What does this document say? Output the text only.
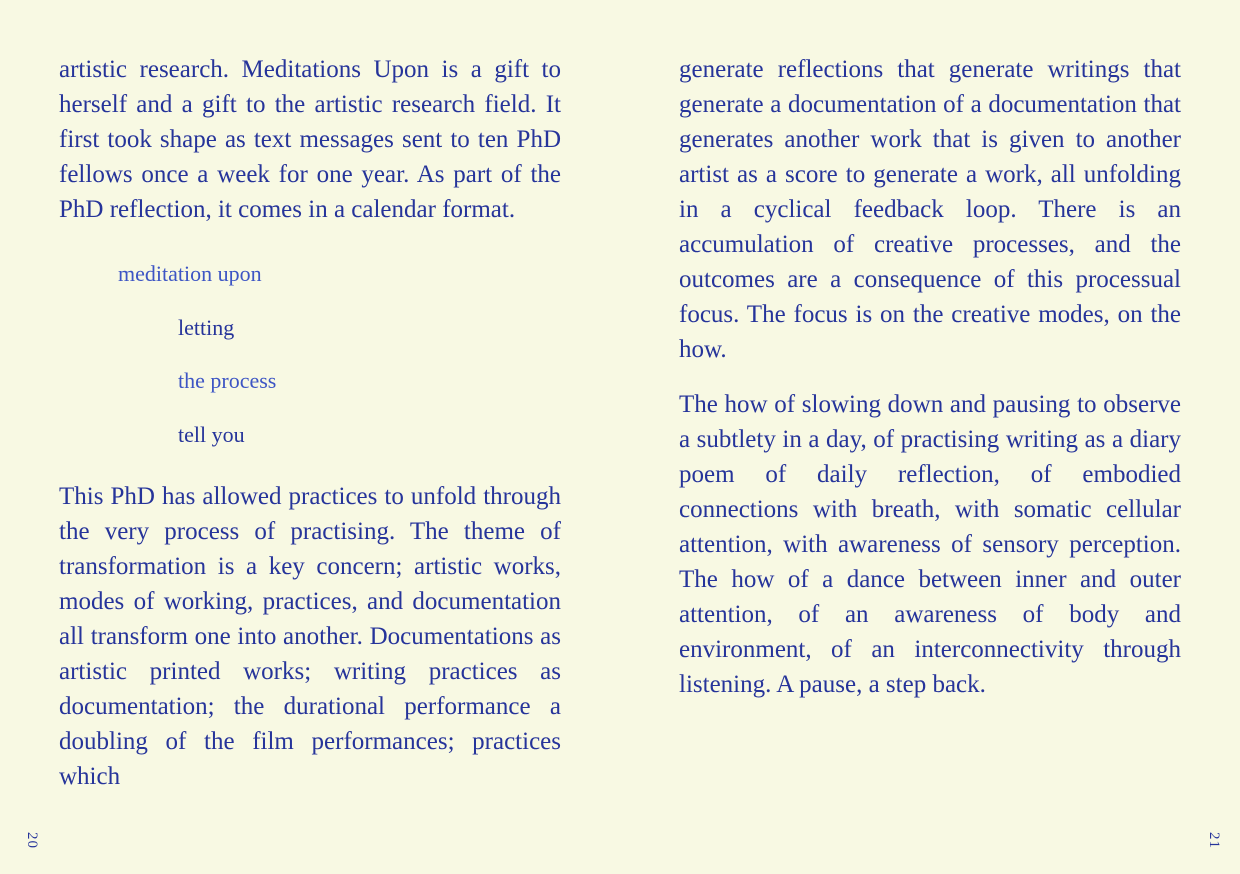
artistic research. Meditations Upon is a gift to herself and a gift to the artistic research field. It first took shape as text messages sent to ten PhD fellows once a week for one year. As part of the PhD reflection, it comes in a calendar format.

meditation upon
letting
the process
tell you

This PhD has allowed practices to unfold through the very process of practising. The theme of transformation is a key concern; artistic works, modes of working, practices, and documentation all transform one into another. Documentations as artistic printed works; writing practices as documentation; the durational performance a doubling of the film performances; practices which

generate reflections that generate writings that generate a documentation of a documentation that generates another work that is given to another artist as a score to generate a work, all unfolding in a cyclical feedback loop. There is an accumulation of creative processes, and the outcomes are a consequence of this processual focus. The focus is on the creative modes, on the how.

The how of slowing down and pausing to observe a subtlety in a day, of practising writing as a diary poem of daily reflection, of embodied connections with breath, with somatic cellular attention, with awareness of sensory perception. The how of a dance between inner and outer attention, of an awareness of body and environment, of an interconnectivity through listening. A pause, a step back.

20	21
